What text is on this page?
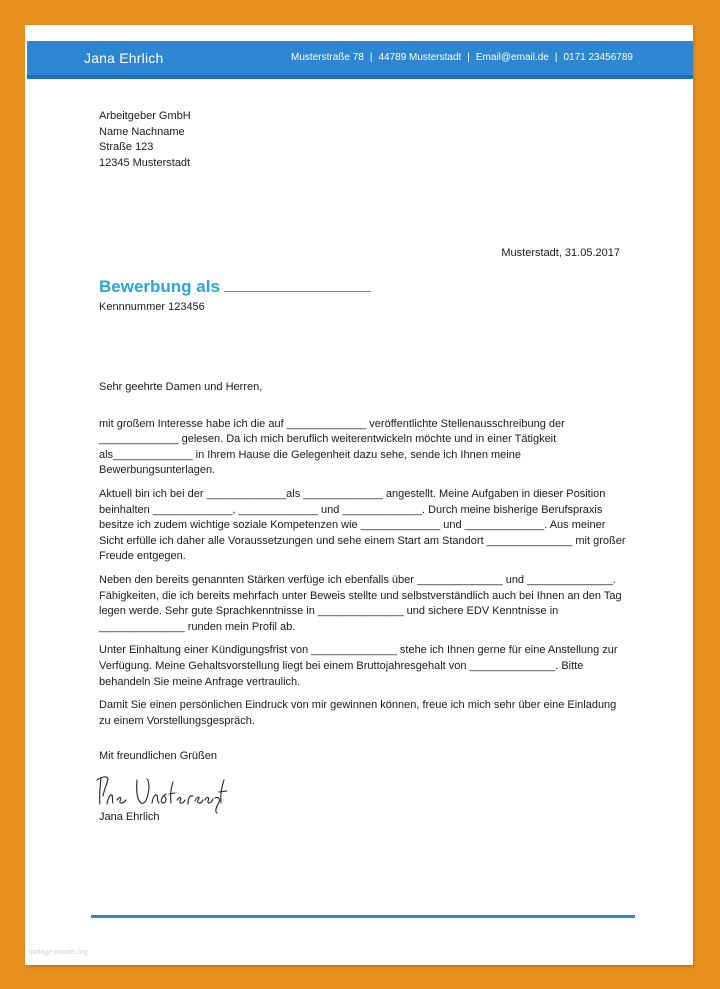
Jana Ehrlich	Musterstraße 78 | 44789 Musterstadt | Email@email.de | 0171 23456789
Arbeitgeber GmbH
Name Nachname
Straße 123
12345 Musterstadt
Musterstadt, 31.05.2017
Bewerbung als
Kennnummer 123456

Sehr geehrte Damen und Herren,

mit großem Interesse habe ich die auf _____________ veröffentlichte Stellenausschreibung der _____________ gelesen. Da ich mich beruflich weiterentwickeln möchte und in einer Tätigkeit als_____________ in Ihrem Hause die Gelegenheit dazu sehe, sende ich Ihnen meine Bewerbungsunterlagen.

Aktuell bin ich bei der _____________als _____________ angestellt. Meine Aufgaben in dieser Position beinhalten _____________, _____________ und _____________. Durch meine bisherige Berufspraxis besitze ich zudem wichtige soziale Kompetenzen wie _____________ und _____________. Aus meiner Sicht erfülle ich daher alle Voraussetzungen und sehe einem Start am Standort ______________ mit großer Freude entgegen.

Neben den bereits genannten Stärken verfüge ich ebenfalls über ______________ und ______________. Fähigkeiten, die ich bereits mehrfach unter Beweis stellte und selbstverständlich auch bei Ihnen an den Tag legen werde. Sehr gute Sprachkenntnisse in ______________ und sichere EDV Kenntnisse in ______________ runden mein Profil ab.

Unter Einhaltung einer Kündigungsfrist von ______________ stehe ich Ihnen gerne für eine Anstellung zur Verfügung. Meine Gehaltsvorstellung liegt bei einem Bruttojahresgehalt von ______________. Bitte behandeln Sie meine Anfrage vertraulich.

Damit Sie einen persönlichen Eindruck von mir gewinnen können, freue ich mich sehr über eine Einladung zu einem Vorstellungsgespräch.

Mit freundlichen Grüßen
Jana Ehrlich
vorlage-muster.org
